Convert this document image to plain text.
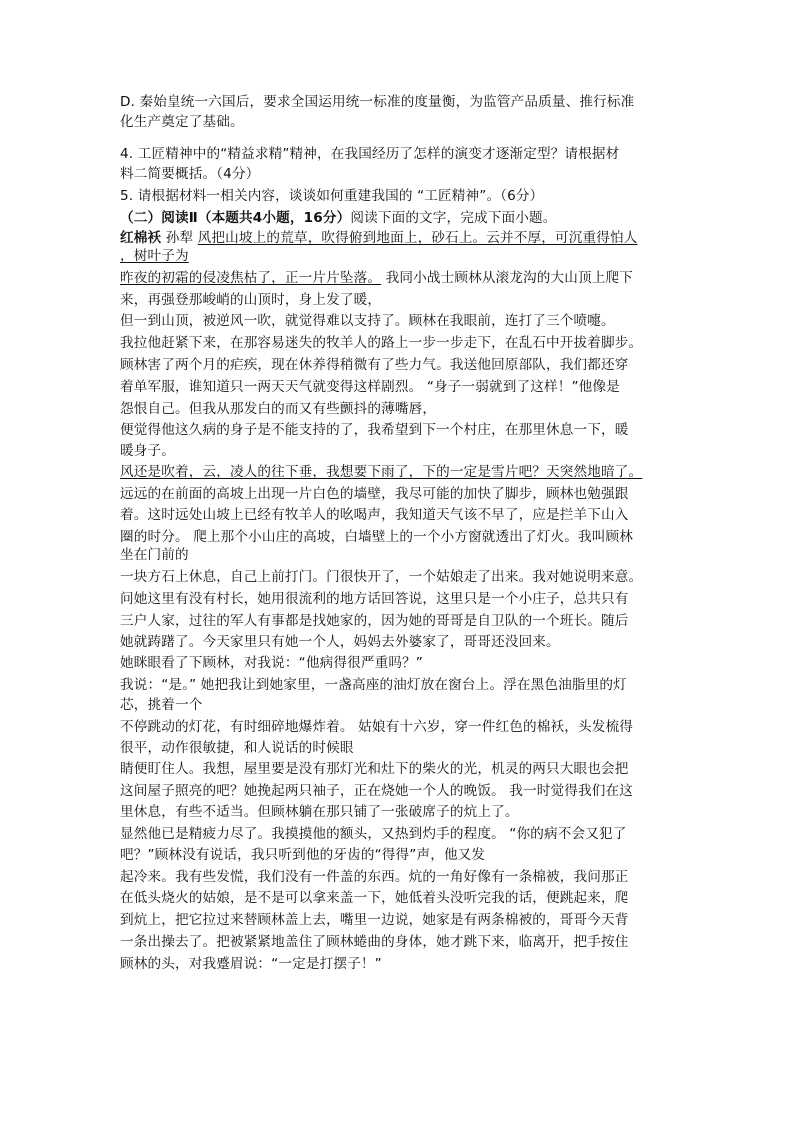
D. 秦始皇统一六国后，要求全国运用统一标准的度量衡，为监管产品质量、推行标准
化生产奠定了基础。
4. 工匠精神中的“精益求精”精神，在我国经历了怎样的演变才逐渐定型？请根据材
料二简要概括。（4分）
5. 请根据材料一相关内容，谈谈如何重建我国的 “工匠精神”。（6分）
（二）阅读Ⅱ（本题共4小题，16分）阅读下面的文字，完成下面小题。
红棉袄 孙犁 风把山坡上的荒草，吹得俯到地面上，砂石上。云并不厚，可沉重得怕人
，树叶子为
昨夜的初霜的侵凌焦枯了，正一片片坠落。 我同小战士顾林从滚龙沟的大山顶上爬下
来，再强登那峻峭的山顶时，身上发了暖，
但一到山顶，被逆风一吹，就觉得难以支持了。顾林在我眼前，连打了三个喷嚏。
我拉他赶紧下来，在那容易迷失的牧羊人的路上一步一步走下，在乱石中开拔着脚步。
顾林害了两个月的疟疾，现在休养得稍微有了些力气。我送他回原部队，我们都还穿
着单军服，谁知道只一两天天气就变得这样剧烈。 “身子一弱就到了这样！”他像是
怨恨自己。但我从那发白的而又有些颤抖的薄嘴唇，
便觉得他这久病的身子是不能支持的了，我希望到下一个村庄，在那里休息一下，暖
暖身子。
风还是吹着，云，凌人的往下垂，我想要下雨了，下的一定是雪片吧？天突然地暗了。
远远的在前面的高坡上出现一片白色的墙壁，我尽可能的加快了脚步，顾林也勉强跟
着。这时远处山坡上已经有牧羊人的吆喝声，我知道天气该不早了，应是拦羊下山入
圈的时分。 爬上那个小山庄的高坡，白墙壁上的一个小方窗就透出了灯火。我叫顾林
坐在门前的
一块方石上休息，自己上前打门。门很快开了，一个姑娘走了出来。我对她说明来意。
问她这里有没有村长，她用很流利的地方话回答说，这里只是一个小庄子，总共只有
三户人家，过往的军人有事都是找她家的，因为她的哥哥是自卫队的一个班长。随后
她就踌躇了。今天家里只有她一个人，妈妈去外婆家了，哥哥还没回来。
她眯眼看了下顾林，对我说：“他病得很严重吗？”
我说：“是。” 她把我让到她家里，一盏高座的油灯放在窗台上。浮在黑色油脂里的灯
芯，挑着一个
不停跳动的灯花，有时细碎地爆炸着。 姑娘有十六岁，穿一件红色的棉袄，头发梳得
很平，动作很敏捷，和人说话的时候眼
睛便盯住人。我想，屋里要是没有那灯光和灶下的柴火的光，机灵的两只大眼也会把
这间屋子照亮的吧？她挽起两只袖子，正在烧她一个人的晚饭。 我一时觉得我们在这
里休息，有些不适当。但顾林躺在那只铺了一张破席子的炕上了。
显然他已是精疲力尽了。我摸摸他的额头，又热到灼手的程度。 “你的病不会又犯了
吧？”顾林没有说话，我只听到他的牙齿的“得得”声，他又发
起冷来。我有些发慌，我们没有一件盖的东西。炕的一角好像有一条棉被，我问那正
在低头烧火的姑娘，是不是可以拿来盖一下，她低着头没听完我的话，便跳起来，爬
到炕上，把它拉过来替顾林盖上去，嘴里一边说，她家是有两条棉被的，哥哥今天背
一条出操去了。把被紧紧地盖住了顾林蜷曲的身体，她才跳下来，临离开，把手按住
顾林的头，对我蹙眉说：“一定是打摆子！”
